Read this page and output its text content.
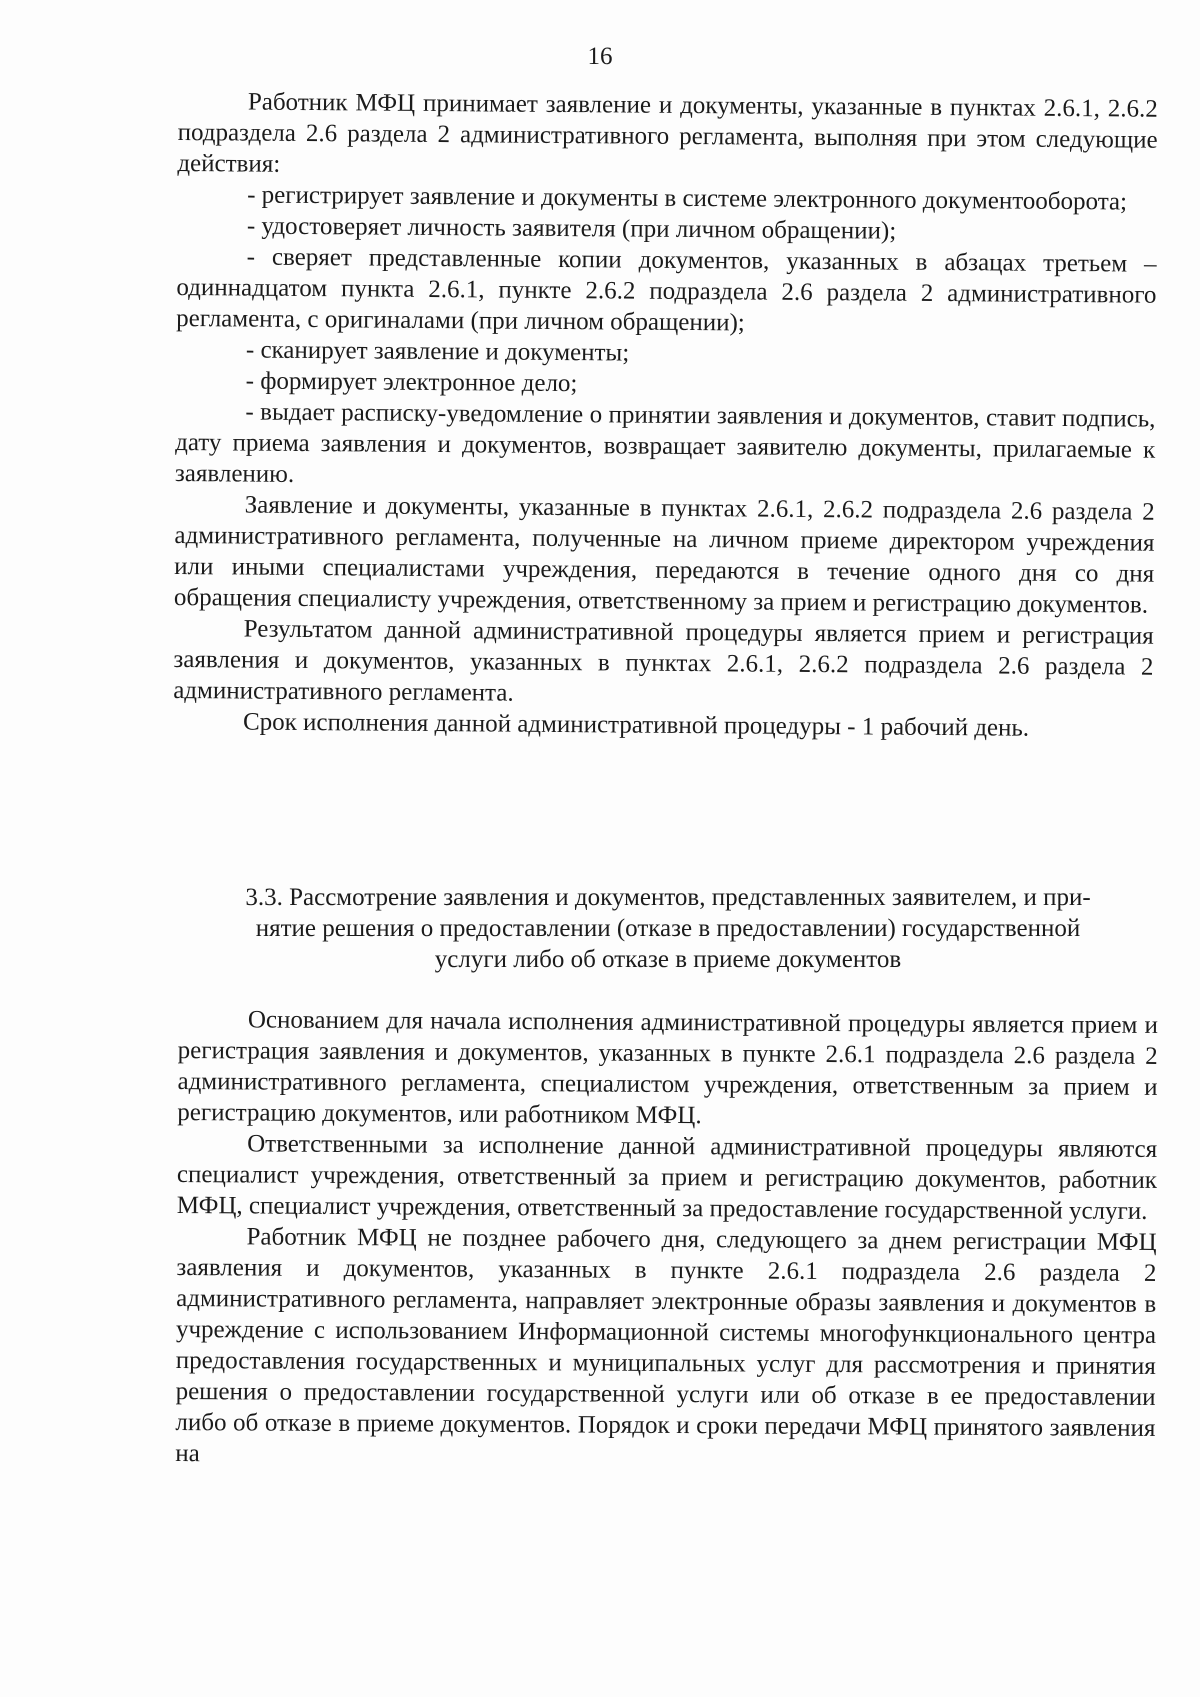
16

Работник МФЦ принимает заявление и документы, указанные в пунктах 2.6.1, 2.6.2 подраздела 2.6 раздела 2 административного регламента, выполняя при этом следующие действия:

- регистрирует заявление и документы в системе электронного документооборота;

- удостоверяет личность заявителя (при личном обращении);

- сверяет представленные копии документов, указанных в абзацах третьем – одиннадцатом пункта 2.6.1, пункте 2.6.2 подраздела 2.6 раздела 2 административного регламента, с оригиналами (при личном обращении);

- сканирует заявление и документы;

- формирует электронное дело;

- выдает расписку-уведомление о принятии заявления и документов, ставит подпись, дату приема заявления и документов, возвращает заявителю документы, прилагаемые к заявлению.

Заявление и документы, указанные в пунктах 2.6.1, 2.6.2 подраздела 2.6 раздела 2 административного регламента, полученные на личном приеме директором учреждения или иными специалистами учреждения, передаются в течение одного дня со дня обращения специалисту учреждения, ответственному за прием и регистрацию документов.

Результатом данной административной процедуры является прием и регистрация заявления и документов, указанных в пунктах 2.6.1, 2.6.2 подраздела 2.6 раздела 2 административного регламента.

Срок исполнения данной административной процедуры - 1 рабочий день.

3.3. Рассмотрение заявления и документов, представленных заявителем, и при-
нятие решения о предоставлении (отказе в предоставлении) государственной
услуги либо об отказе в приеме документов

Основанием для начала исполнения административной процедуры является прием и регистрация заявления и документов, указанных в пункте 2.6.1 подраздела 2.6 раздела 2 административного регламента, специалистом учреждения, ответственным за прием и регистрацию документов, или работником МФЦ.

Ответственными за исполнение данной административной процедуры являются специалист учреждения, ответственный за прием и регистрацию документов, работник МФЦ, специалист учреждения, ответственный за предоставление государственной услуги.

Работник МФЦ не позднее рабочего дня, следующего за днем регистрации МФЦ заявления и документов, указанных в пункте 2.6.1 подраздела 2.6 раздела 2 административного регламента, направляет электронные образы заявления и документов в учреждение с использованием Информационной системы многофункционального центра предоставления государственных и муниципальных услуг для рассмотрения и принятия решения о предоставлении государственной услуги или об отказе в ее предоставлении либо об отказе в приеме документов. Порядок и сроки передачи МФЦ принятого заявления на
